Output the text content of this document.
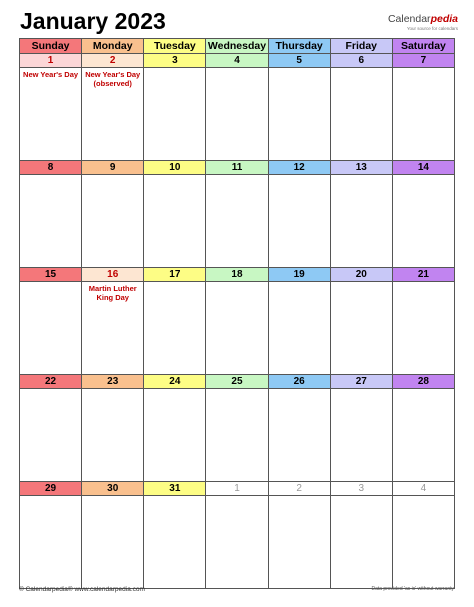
January 2023	Calendarpedia
Your source for calendars
Sunday	Monday	Tuesday	Wednesday	Thursday	Friday	Saturday
1	2	3	4	5	6	7
New Year's Day	New Year's Day (observed)					
8	9	10	11	12	13	14

15	16	17	18	19	20	21
	Martin Luther King Day					
22	23	24	25	26	27	28

29	30	31	1	2	3	4

© Calendarpedia® www.calendarpedia.com	Data provided 'as is' without warranty
